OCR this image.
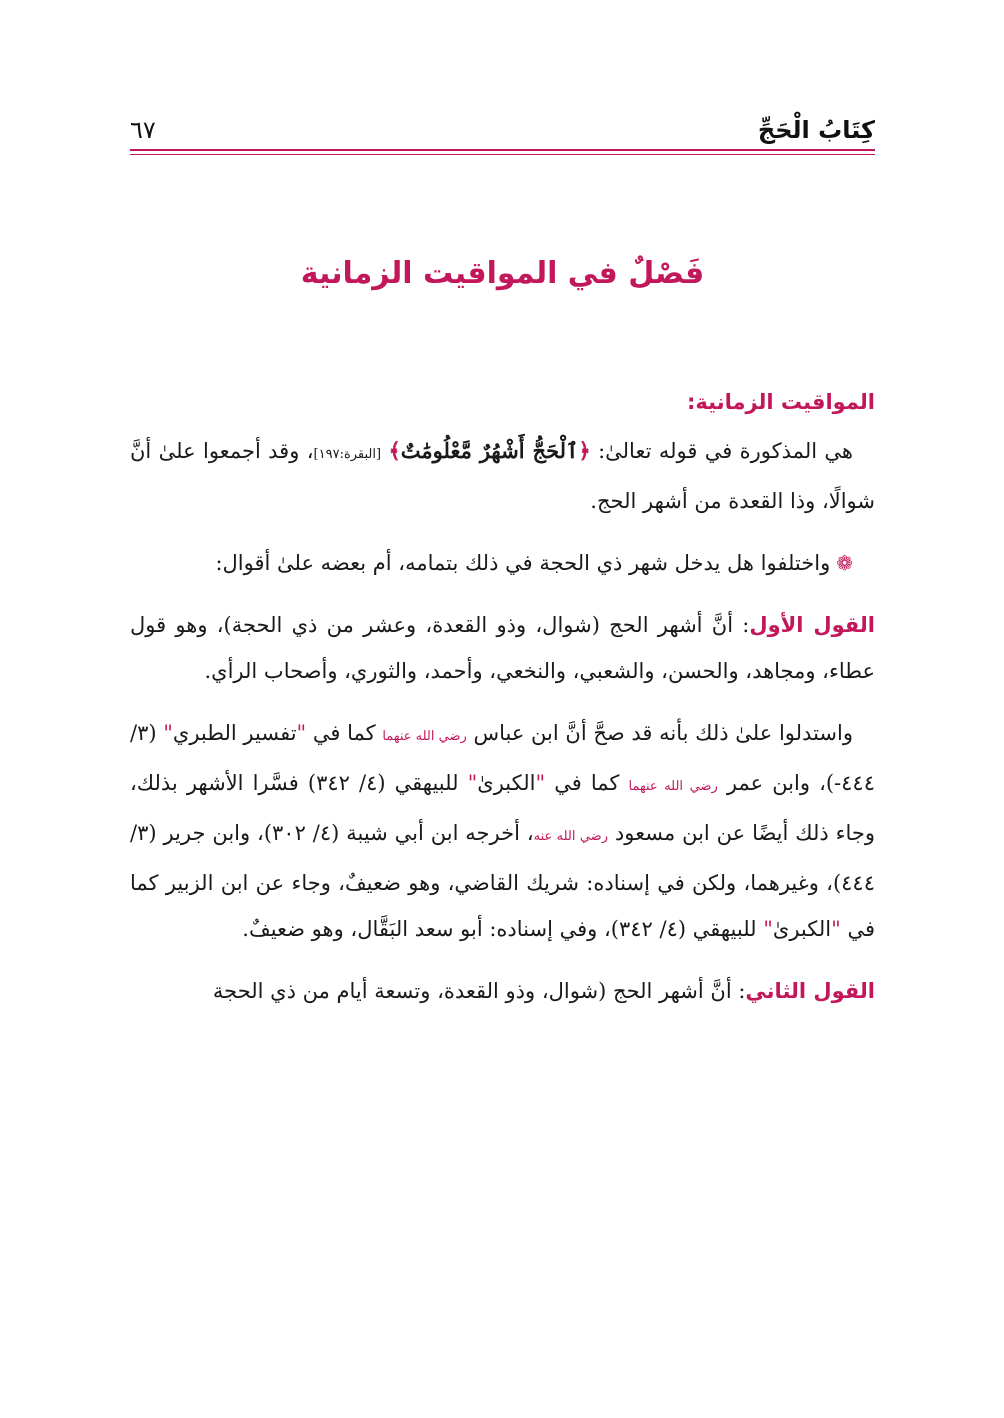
كِتَابُ الْحَجِّ
٦٧
فَصْلٌ في المواقيت الزمانية
المواقيت الزمانية:

هي المذكورة في قوله تعالىٰ: ﴿ٱلْحَجُّ أَشْهُرٌ مَّعْلُومَٰتٌ﴾ [البقرة:١٩٧]، وقد أجمعوا علىٰ أنَّ شوالًا، وذا القعدة من أشهر الحج.

❁واختلفوا هل يدخل شهر ذي الحجة في ذلك بتمامه، أم بعضه علىٰ أقوال:

القول الأول: أنَّ أشهر الحج (شوال، وذو القعدة، وعشر من ذي الحجة)، وهو قول عطاء، ومجاهد، والحسن، والشعبي، والنخعي، وأحمد، والثوري، وأصحاب الرأي.

واستدلوا علىٰ ذلك بأنه قد صحَّ أنَّ ابن عباس رضي الله عنهما كما في "تفسير الطبري" (٣/ ٤٤٤-)، وابن عمر رضي الله عنهما كما في "الكبرىٰ" للبيهقي (٤/ ٣٤٢) فسَّرا الأشهر بذلك، وجاء ذلك أيضًا عن ابن مسعود رضي الله عنه، أخرجه ابن أبي شيبة (٤/ ٣٠٢)، وابن جرير (٣/ ٤٤٤)، وغيرهما، ولكن في إسناده: شريك القاضي، وهو ضعيفٌ، وجاء عن ابن الزبير كما في "الكبرىٰ" للبيهقي (٤/ ٣٤٢)، وفي إسناده: أبو سعد البَقَّال، وهو ضعيفٌ.

القول الثاني: أنَّ أشهر الحج (شوال، وذو القعدة، وتسعة أيام من ذي الحجة
